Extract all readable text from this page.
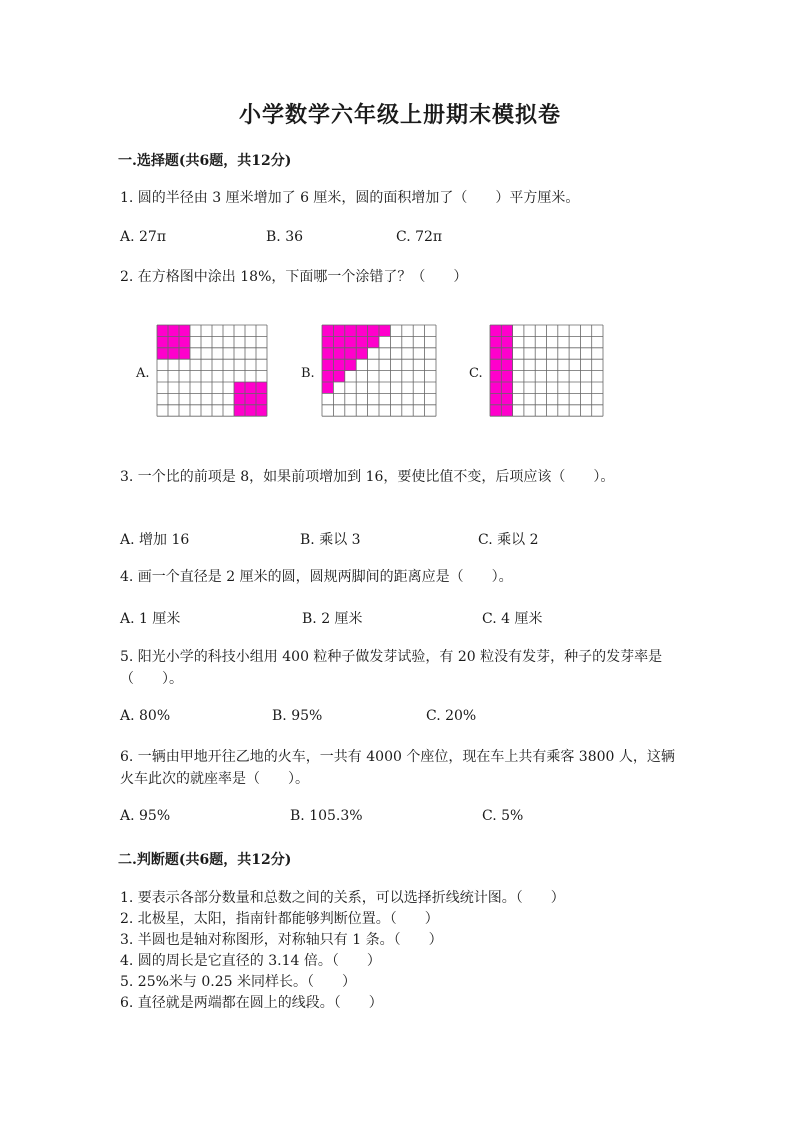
小学数学六年级上册期末模拟卷
一.选择题(共6题，共12分)
1. 圆的半径由 3 厘米增加了 6 厘米，圆的面积增加了（　　）平方厘米。
A. 27π	B. 36	C. 72π
2. 在方格图中涂出 18%，下面哪一个涂错了？（　　）
A.	B.	C.
3. 一个比的前项是 8，如果前项增加到 16，要使比值不变，后项应该（　　）。
A. 增加 16	B. 乘以 3	C. 乘以 2
4. 画一个直径是 2 厘米的圆，圆规两脚间的距离应是（　　）。
A. 1 厘米	B. 2 厘米	C. 4 厘米
5. 阳光小学的科技小组用 400 粒种子做发芽试验，有 20 粒没有发芽，种子的发芽率是（　　）。
A. 80%	B. 95%	C. 20%
6. 一辆由甲地开往乙地的火车，一共有 4000 个座位，现在车上共有乘客 3800 人，这辆火车此次的就座率是（　　）。
A. 95%	B. 105.3%	C. 5%
二.判断题(共6题，共12分)
1. 要表示各部分数量和总数之间的关系，可以选择折线统计图。（　　）
2. 北极星，太阳，指南针都能够判断位置。（　　）
3. 半圆也是轴对称图形，对称轴只有 1 条。（　　）
4. 圆的周长是它直径的 3.14 倍。（　　）
5. 25%米与 0.25 米同样长。（　　）
6. 直径就是两端都在圆上的线段。（　　）
